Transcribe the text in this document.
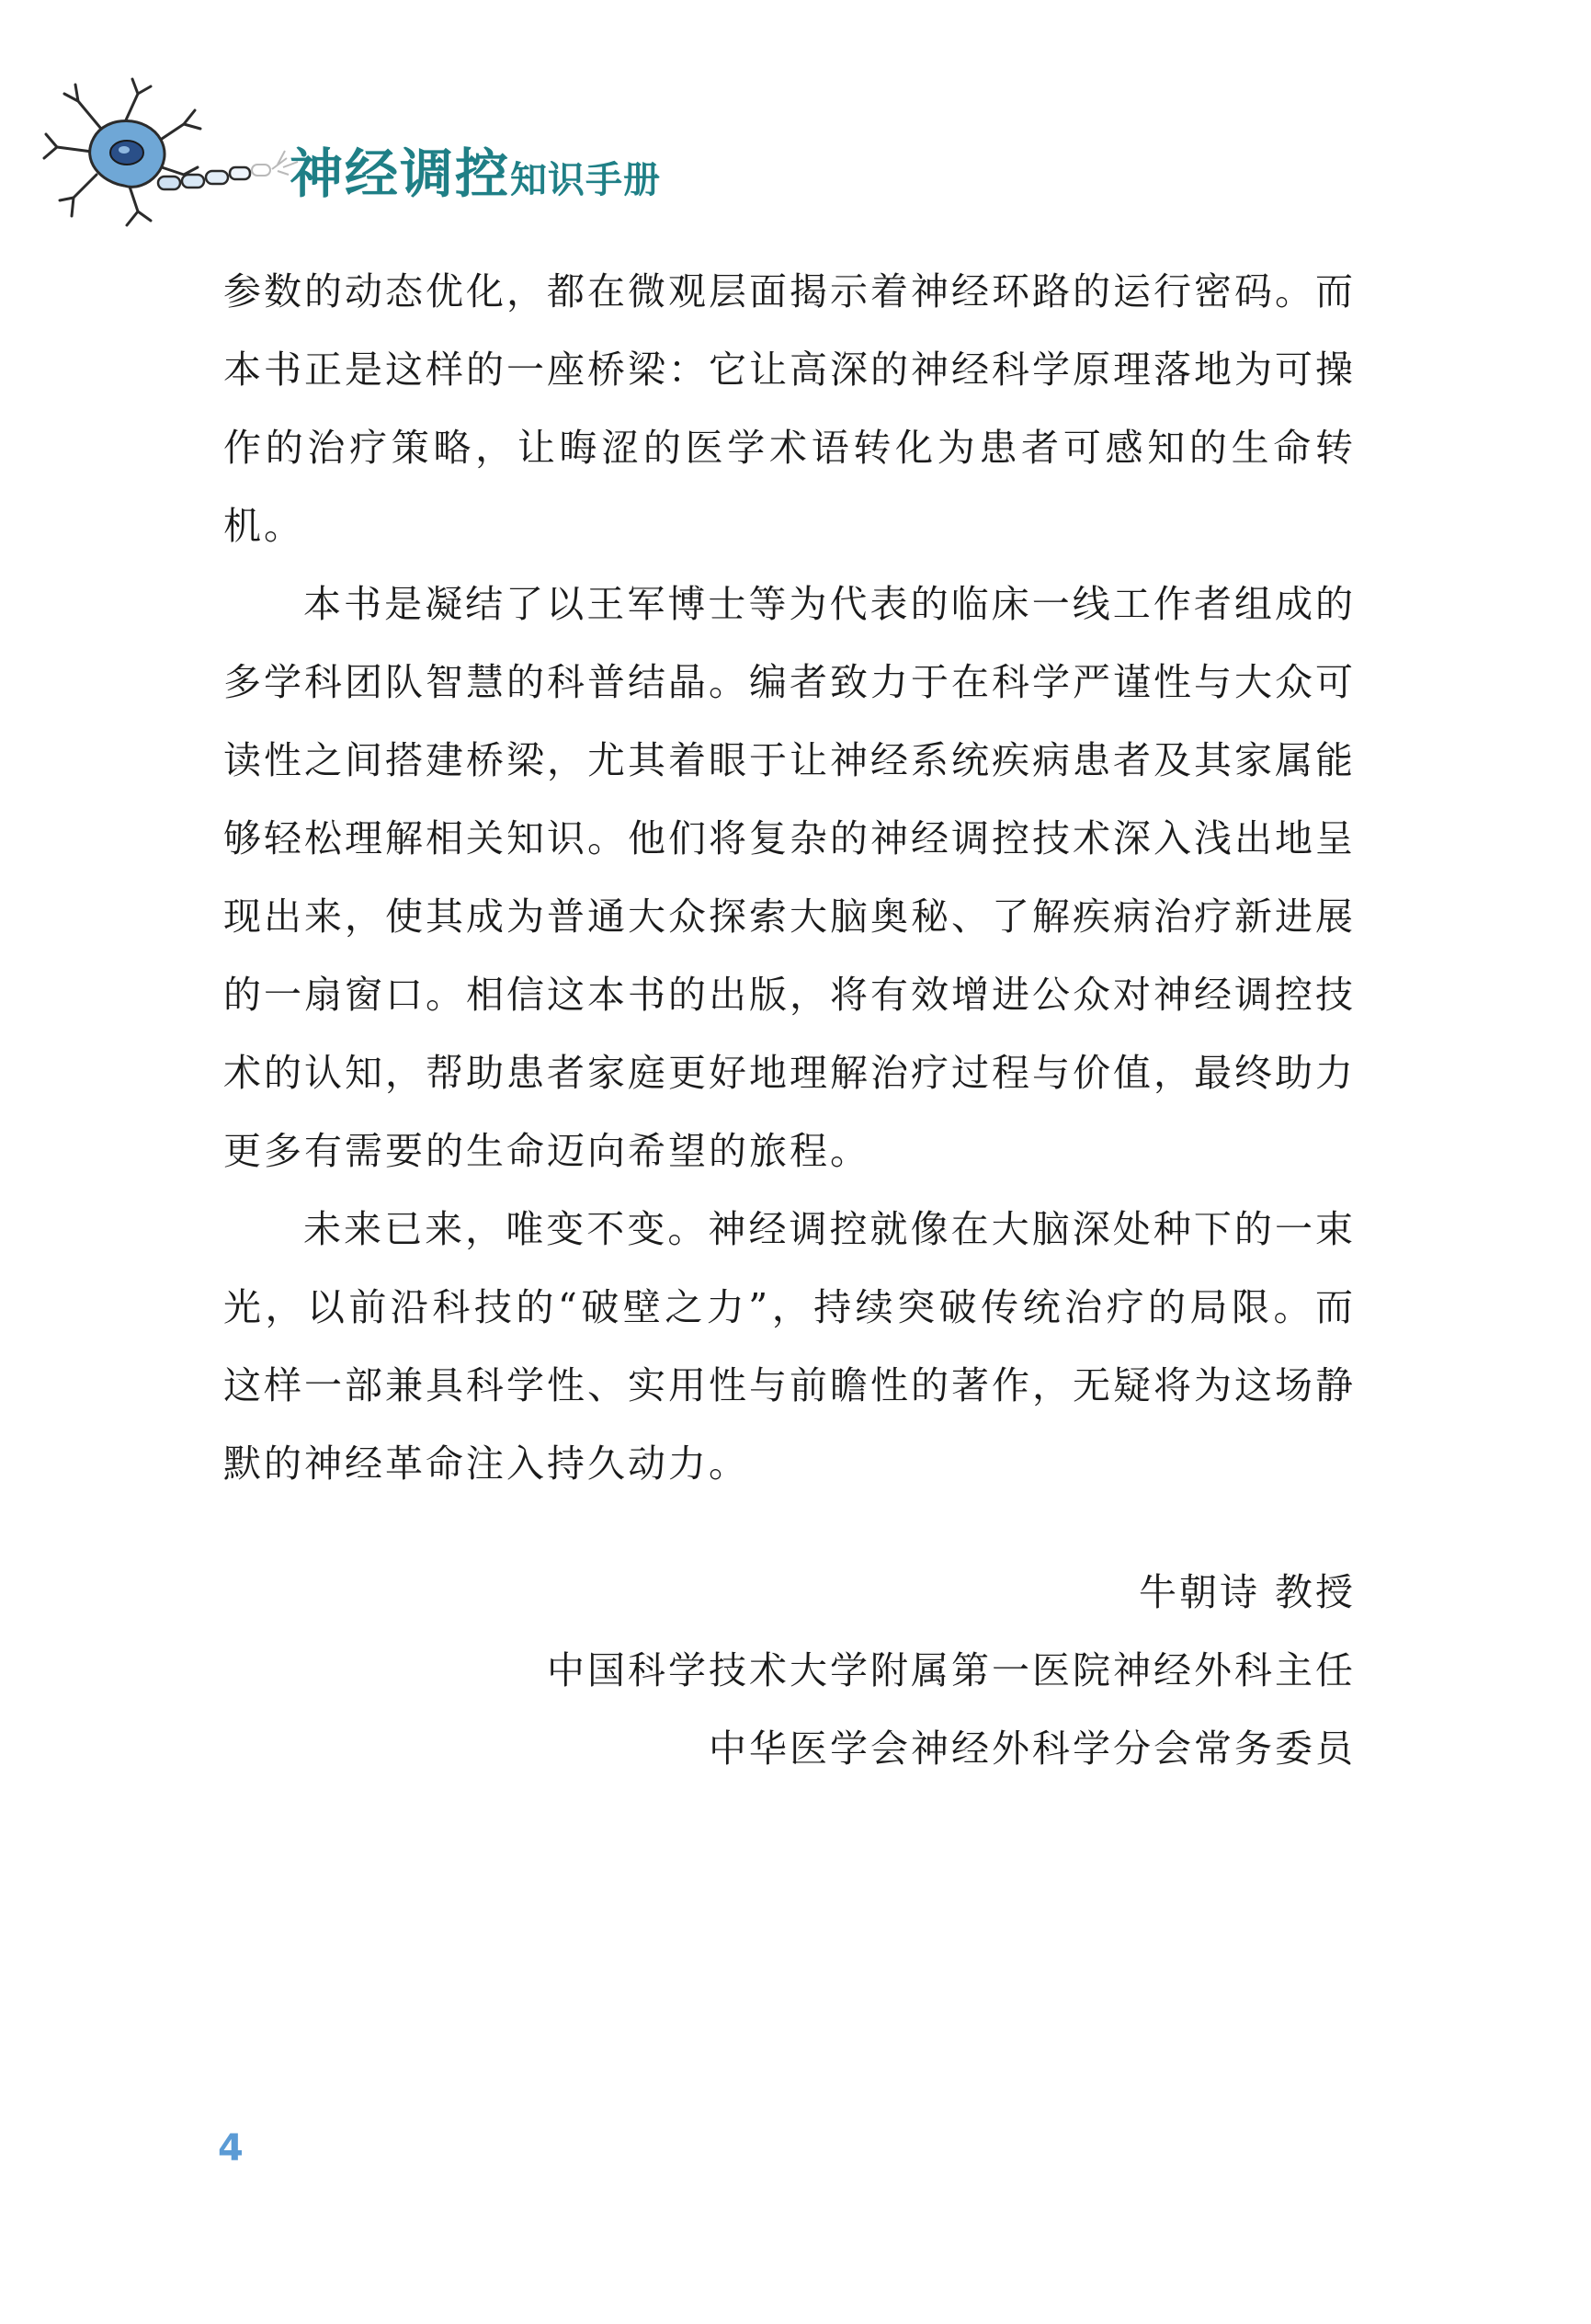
神经调控知识手册

参数的动态优化，都在微观层面揭示着神经环路的运行密码。而本书正是这样的一座桥梁：它让高深的神经科学原理落地为可操作的治疗策略，让晦涩的医学术语转化为患者可感知的生命转机。

本书是凝结了以王军博士等为代表的临床一线工作者组成的多学科团队智慧的科普结晶。编者致力于在科学严谨性与大众可读性之间搭建桥梁，尤其着眼于让神经系统疾病患者及其家属能够轻松理解相关知识。他们将复杂的神经调控技术深入浅出地呈现出来，使其成为普通大众探索大脑奥秘、了解疾病治疗新进展的一扇窗口。相信这本书的出版，将有效增进公众对神经调控技术的认知，帮助患者家庭更好地理解治疗过程与价值，最终助力更多有需要的生命迈向希望的旅程。

未来已来，唯变不变。神经调控就像在大脑深处种下的一束光，以前沿科技的“破壁之力”，持续突破传统治疗的局限。而这样一部兼具科学性、实用性与前瞻性的著作，无疑将为这场静默的神经革命注入持久动力。

牛朝诗 教授
中国科学技术大学附属第一医院神经外科主任
中华医学会神经外科学分会常务委员
4
